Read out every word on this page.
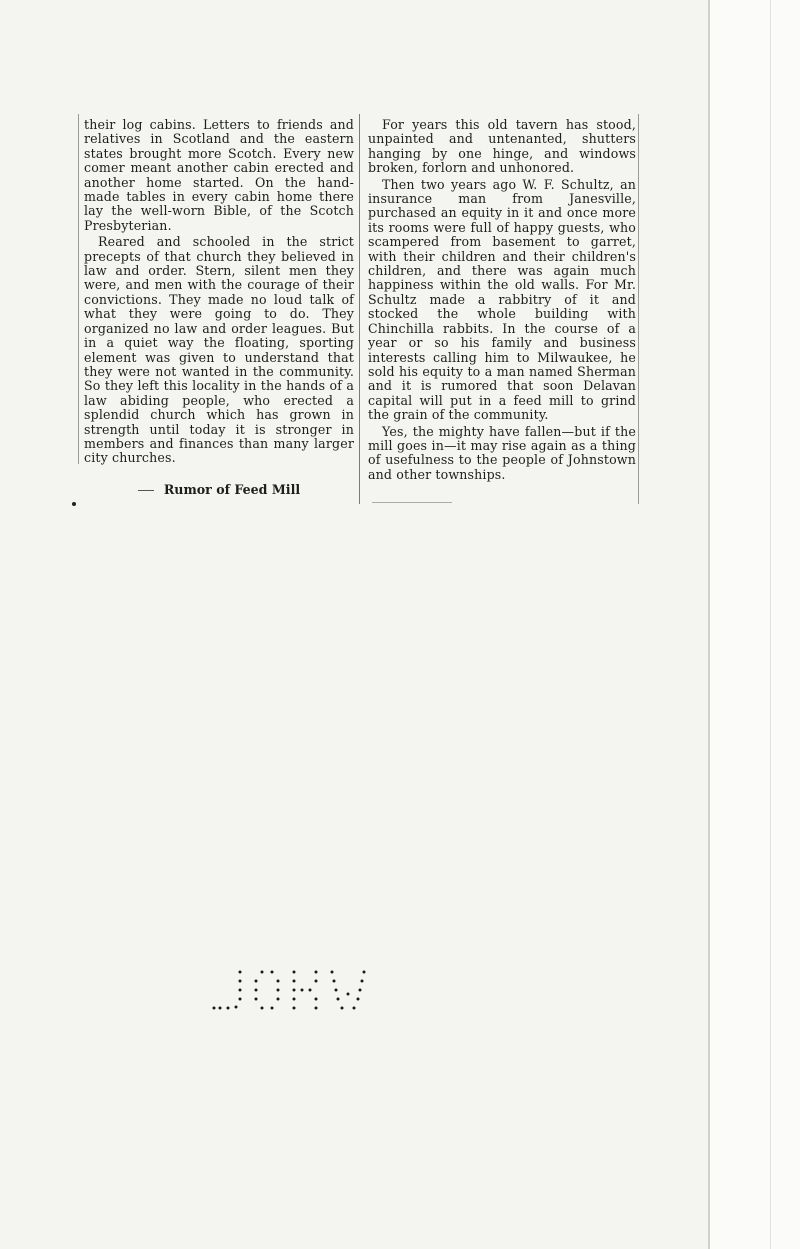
their log cabins. Letters to friends and relatives in Scotland and the eastern states brought more Scotch. Every new comer meant another cabin erected and another home started. On the hand-made tables in every cabin home there lay the well-worn Bible, of the Scotch Presbyterian.

Reared and schooled in the strict precepts of that church they believed in law and order. Stern, silent men they were, and men with the courage of their convictions. They made no loud talk of what they were going to do. They organized no law and order leagues. But in a quiet way the floating, sporting element was given to understand that they were not wanted in the community. So they left this locality in the hands of a law abiding people, who erected a splendid church which has grown in strength until today it is stronger in members and finances than many larger city churches.

Rumor of Feed Mill

For years this old tavern has stood, unpainted and untenanted, shutters hanging by one hinge, and windows broken, forlorn and unhonored.

Then two years ago W. F. Schultz, an insurance man from Janesville, purchased an equity in it and once more its rooms were full of happy guests, who scampered from basement to garret, with their children and their children's children, and there was again much happiness within the old walls. For Mr. Schultz made a rabbitry of it and stocked the whole building with Chinchilla rabbits. In the course of a year or so his family and business interests calling him to Milwaukee, he sold his equity to a man named Sherman and it is rumored that soon Delavan capital will put in a feed mill to grind the grain of the community.

Yes, the mighty have fallen—but if the mill goes in—it may rise again as a thing of usefulness to the people of Johnstown and other townships.
